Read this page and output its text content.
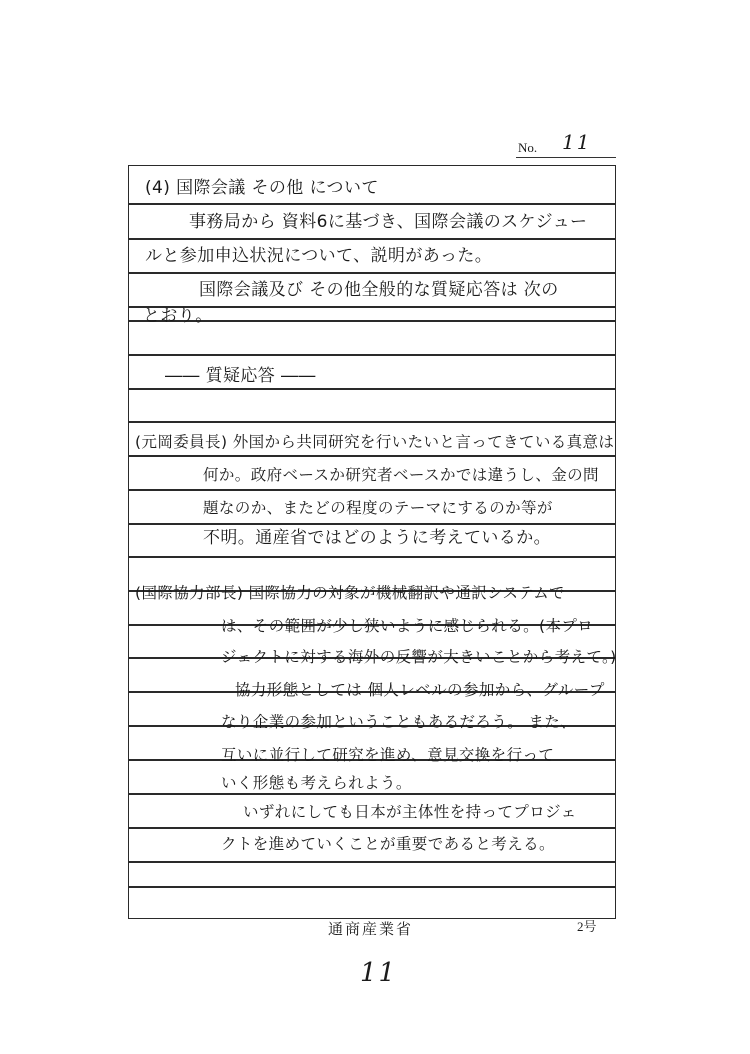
No. 11
(4) 国際会議 その他 について
事務局から 資料6に基づき、国際会議のスケジュー
ルと参加申込状況について、説明があった。
国際会議及び その他全般的な質疑応答は 次の
とおり。
―― 質疑応答 ――
(元岡委員長) 外国から共同研究を行いたいと言ってきている真意は
何か。政府ベースか研究者ベースかでは違うし、金の問
題なのか、またどの程度のテーマにするのか等が
不明。通産省ではどのように考えているか。
(国際協力部長) 国際協力の対象が機械翻訳や通訳システムで
は、その範囲が少し狭いように感じられる。(本プロ
ジェクトに対する海外の反響が大きいことから考えて。)
協力形態としては 個人レベルの参加から、グループ
なり企業の参加ということもあるだろう。 また、
互いに並行して研究を進め、意見交換を行って
いく形態も考えられよう。
いずれにしても日本が主体性を持ってプロジェ
クトを進めていくことが重要であると考える。
通商産業省	2号
11
